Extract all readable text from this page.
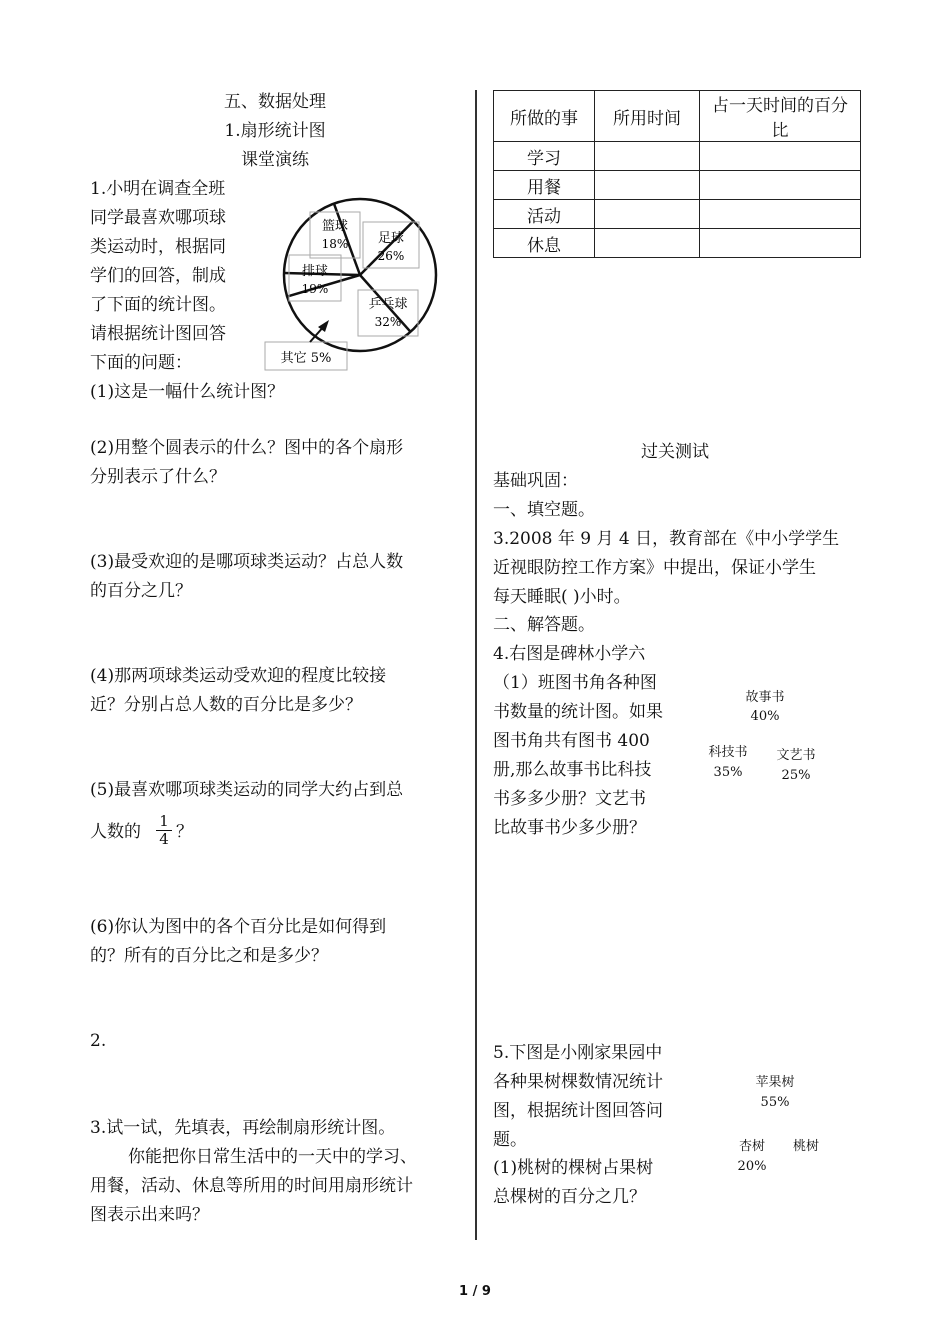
五、数据处理
1.扇形统计图
课堂演练
1.小明在调查全班
同学最喜欢哪项球
类运动时，根据同
学们的回答，制成
了下面的统计图。
请根据统计图回答
下面的问题：
篮球
18% 足球
26%
排球
19%
乒乓球
32%
其它 5%
(1)这是一幅什么统计图？
(2)用整个圆表示的什么？图中的各个扇形
分别表示了什么？
(3)最受欢迎的是哪项球类运动？占总人数
的百分之几？
(4)那两项球类运动受欢迎的程度比较接
近？分别占总人数的百分比是多少？
(5)最喜欢哪项球类运动的同学大约占到总
人数的 $\frac{1}{4}$ ？
(6)你认为图中的各个百分比是如何得到
的？所有的百分比之和是多少？
2.
3.试一试，先填表，再绘制扇形统计图。
你能把你日常生活中的一天中的学习、
用餐，活动、休息等所用的时间用扇形统计
图表示出来吗？
所做的事	所用时间	占一天时间的百分比
学习		
用餐		
活动		
休息		
过关测试
基础巩固：
一、填空题。
3.2008 年 9 月 4 日，教育部在《中小学学生
近视眼防控工作方案》中提出，保证小学生
每天睡眠( )小时。
二、解答题。
4.右图是碑林小学六
（1）班图书角各种图
书数量的统计图。如果
图书角共有图书 400
册,那么故事书比科技
书多多少册？文艺书
比故事书少多少册？
故事书
40%
科技书
35%
文艺书
25%
5.下图是小刚家果园中
各种果树棵数情况统计
图，根据统计图回答问
题。
(1)桃树的棵树占果树
总棵树的百分之几？
苹果树
55%
杏树
20%
桃树
1 / 9
